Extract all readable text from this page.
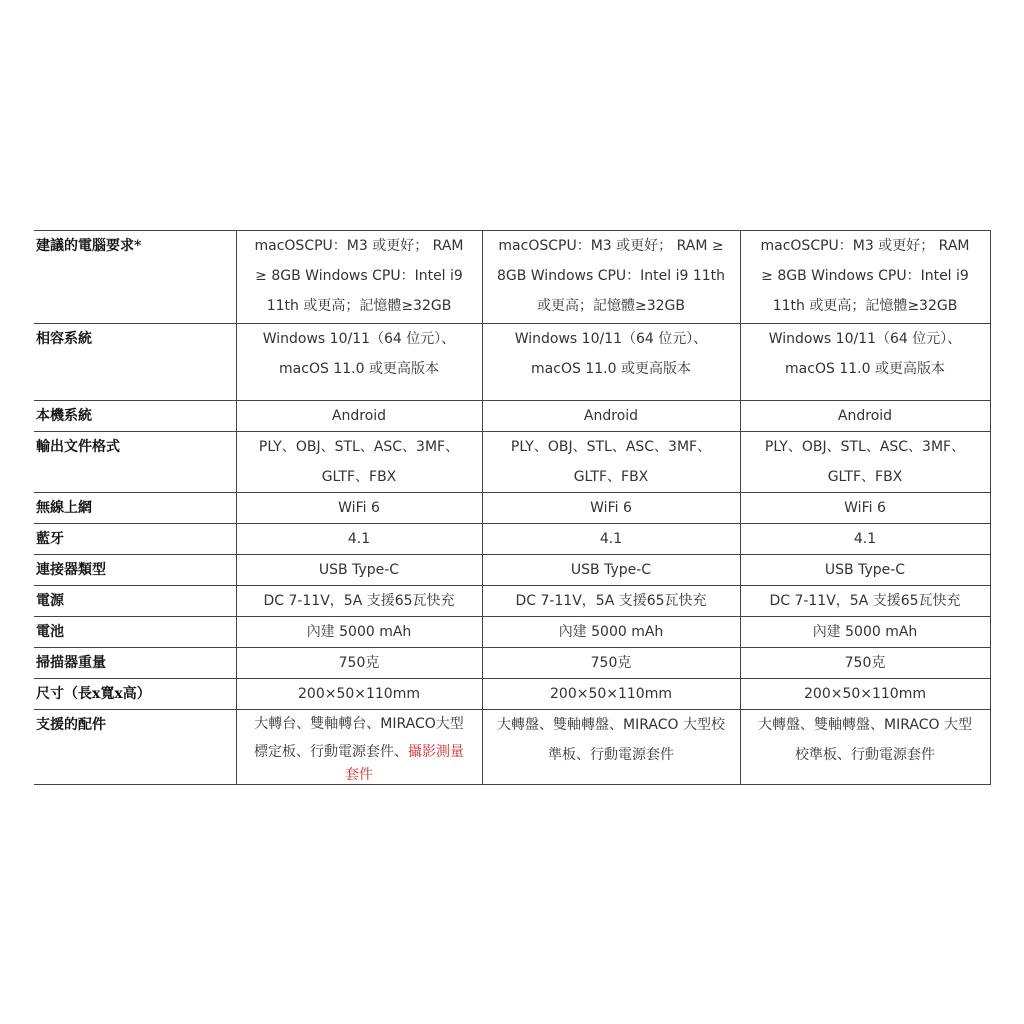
建議的電腦要求*	macOSCPU：M3 或更好； RAM
≥ 8GB Windows CPU：Intel i9
11th 或更高；記憶體≥32GB	macOSCPU：M3 或更好； RAM ≥
8GB Windows CPU：Intel i9 11th
或更高；記憶體≥32GB	macOSCPU：M3 或更好； RAM
≥ 8GB Windows CPU：Intel i9
11th 或更高；記憶體≥32GB

相容系統	Windows 10/11（64 位元）、
macOS 11.0 或更高版本	Windows 10/11（64 位元）、
macOS 11.0 或更高版本	Windows 10/11（64 位元）、
macOS 11.0 或更高版本

本機系統	Android	Android	Android
輸出文件格式	PLY、OBJ、STL、ASC、3MF、
GLTF、FBX	PLY、OBJ、STL、ASC、3MF、
GLTF、FBX	PLY、OBJ、STL、ASC、3MF、
GLTF、FBX

無線上網	WiFi 6	WiFi 6	WiFi 6
藍牙	4.1	4.1	4.1
連接器類型	USB Type-C	USB Type-C	USB Type-C
電源	DC 7-11V，5A 支援65瓦快充	DC 7-11V，5A 支援65瓦快充	DC 7-11V，5A 支援65瓦快充
電池	內建 5000 mAh	內建 5000 mAh	內建 5000 mAh
掃描器重量	750克	750克	750克
尺寸（長x寬x高）	200×50×110mm	200×50×110mm	200×50×110mm
支援的配件	大轉台、雙軸轉台、MIRACO大型
標定板、行動電源套件、攝影測量
套件	大轉盤、雙軸轉盤、MIRACO 大型校
準板、行動電源套件	大轉盤、雙軸轉盤、MIRACO 大型
校準板、行動電源套件
